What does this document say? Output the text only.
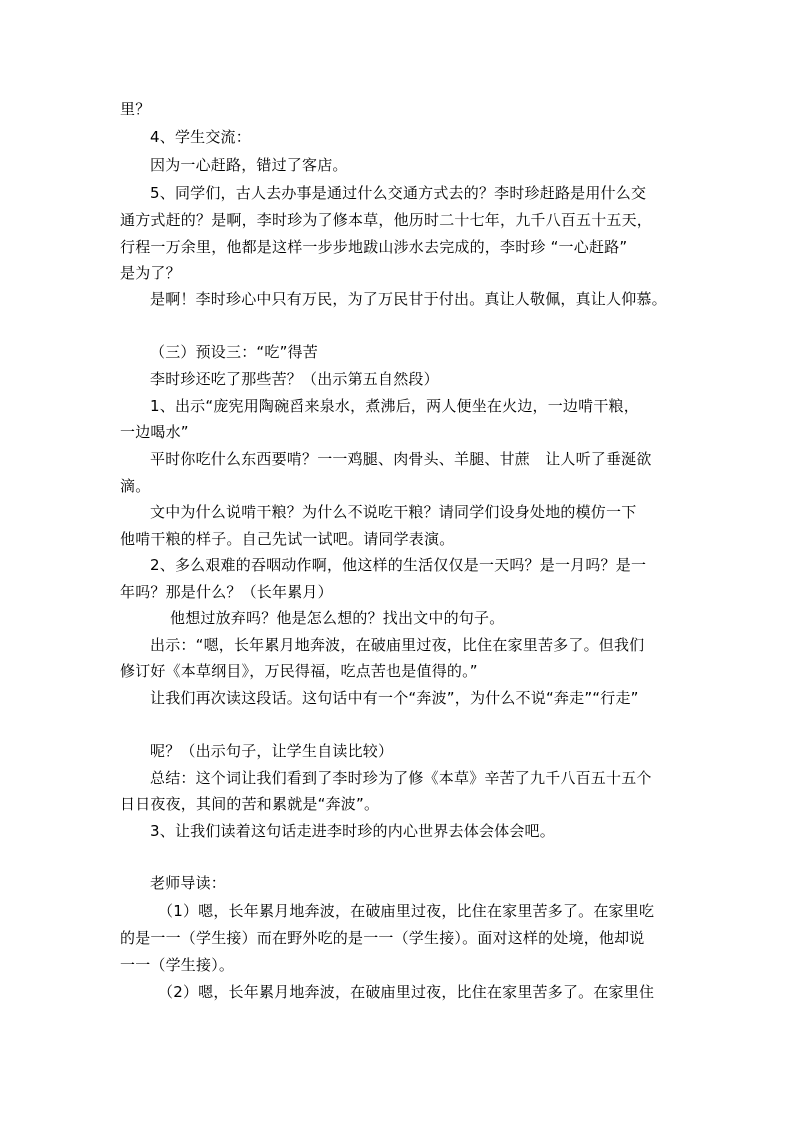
里？
4、学生交流：
因为一心赶路，错过了客店。
5、同学们，古人去办事是通过什么交通方式去的？李时珍赶路是用什么交
通方式赶的？是啊，李时珍为了修本草，他历时二十七年，九千八百五十五天，
行程一万余里，他都是这样一步步地跋山涉水去完成的，李时珍 “一心赶路”
是为了？
是啊！李时珍心中只有万民，为了万民甘于付出。真让人敬佩，真让人仰慕。
（三）预设三：“吃”得苦
李时珍还吃了那些苦？（出示第五自然段）
1、出示“庞宪用陶碗舀来泉水，煮沸后，两人便坐在火边，一边啃干粮，
一边喝水”
平时你吃什么东西要啃？一一鸡腿、肉骨头、羊腿、甘蔗　让人听了垂涎欲
滴。
文中为什么说啃干粮？为什么不说吃干粮？请同学们设身处地的模仿一下
他啃干粮的样子。自己先试一试吧。请同学表演。
2、多么艰难的吞咽动作啊，他这样的生活仅仅是一天吗？是一月吗？是一
年吗？那是什么？（长年累月）
他想过放弃吗？他是怎么想的？找出文中的句子。
出示：“嗯，长年累月地奔波，在破庙里过夜，比住在家里苦多了。但我们
修订好《本草纲目》，万民得福，吃点苦也是值得的。”
让我们再次读这段话。这句话中有一个“奔波”，为什么不说“奔走”“行走”
呢？（出示句子，让学生自读比较）
总结：这个词让我们看到了李时珍为了修《本草》辛苦了九千八百五十五个
日日夜夜，其间的苦和累就是“奔波”。
3、让我们读着这句话走进李时珍的内心世界去体会体会吧。
老师导读：
（1）嗯，长年累月地奔波，在破庙里过夜，比住在家里苦多了。在家里吃
的是一一（学生接）而在野外吃的是一一（学生接）。面对这样的处境，他却说
一一（学生接）。
（2）嗯，长年累月地奔波，在破庙里过夜，比住在家里苦多了。在家里住
